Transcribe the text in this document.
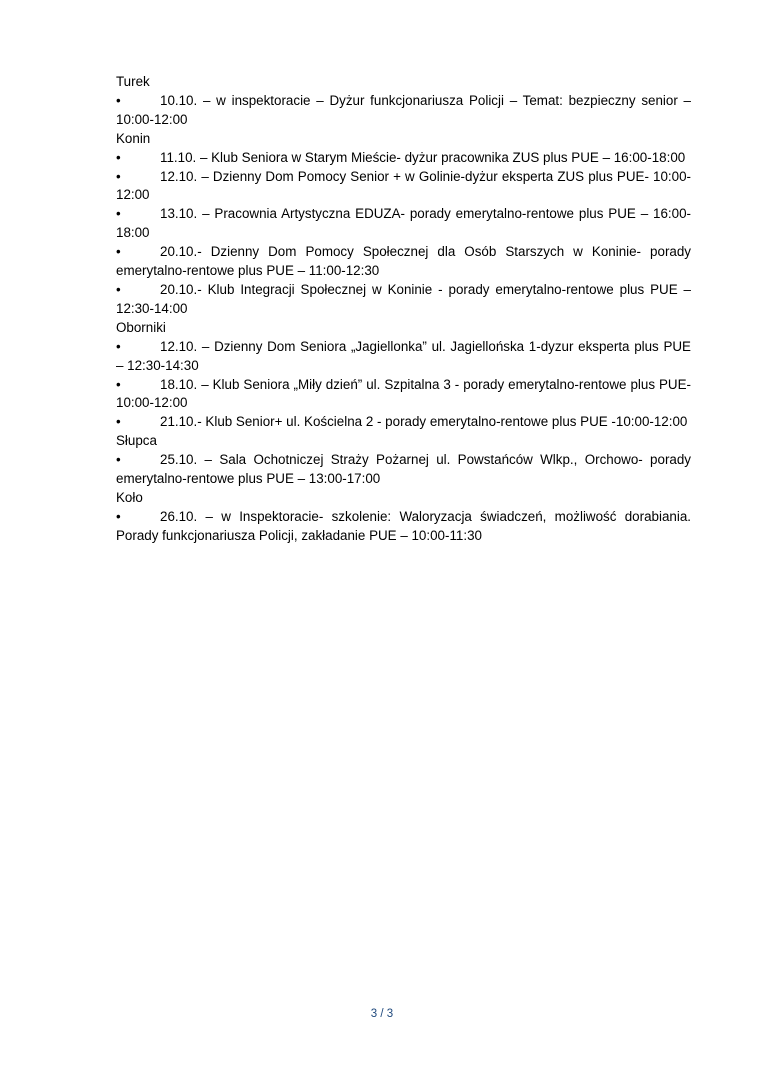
Turek
•	10.10. – w inspektoracie – Dyżur funkcjonariusza Policji – Temat: bezpieczny senior – 10:00-12:00
Konin
•	11.10. – Klub Seniora w Starym Mieście- dyżur pracownika ZUS plus PUE – 16:00-18:00
•	12.10. – Dzienny Dom Pomocy Senior + w Golinie-dyżur eksperta ZUS plus PUE- 10:00-12:00
•	13.10. – Pracownia Artystyczna EDUZA- porady emerytalno-rentowe plus PUE – 16:00-18:00
•	20.10.- Dzienny Dom Pomocy Społecznej dla Osób Starszych w Koninie- porady emerytalno-rentowe plus PUE – 11:00-12:30
•	20.10.- Klub Integracji Społecznej w Koninie - porady emerytalno-rentowe plus PUE – 12:30-14:00
Oborniki
•	12.10. – Dzienny Dom Seniora „Jagiellonka” ul. Jagiellońska 1-dyzur eksperta plus PUE – 12:30-14:30
•	18.10. – Klub Seniora „Miły dzień” ul. Szpitalna 3 - porady emerytalno-rentowe plus PUE- 10:00-12:00
•	21.10.- Klub Senior+ ul. Kościelna 2 - porady emerytalno-rentowe plus PUE -10:00-12:00
Słupca
•	25.10. – Sala Ochotniczej Straży Pożarnej ul. Powstańców Wlkp., Orchowo- porady emerytalno-rentowe plus PUE – 13:00-17:00
Koło
•	26.10. – w Inspektoracie- szkolenie: Waloryzacja świadczeń, możliwość dorabiania. Porady funkcjonariusza Policji, zakładanie PUE – 10:00-11:30
3 / 3
